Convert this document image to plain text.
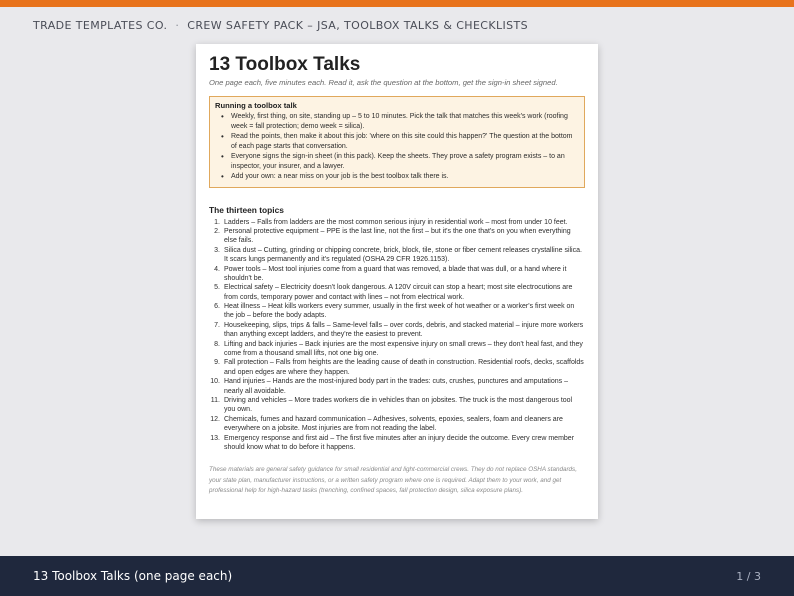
TRADE TEMPLATES CO. · CREW SAFETY PACK – JSA, TOOLBOX TALKS & CHECKLISTS
13 Toolbox Talks
One page each, five minutes each. Read it, ask the question at the bottom, get the sign-in sheet signed.
Running a toolbox talk
• Weekly, first thing, on site, standing up – 5 to 10 minutes. Pick the talk that matches this week's work (roofing week = fall protection; demo week = silica).
• Read the points, then make it about this job: 'where on this site could this happen?' The question at the bottom of each page starts that conversation.
• Everyone signs the sign-in sheet (in this pack). Keep the sheets. They prove a safety program exists – to an inspector, your insurer, and a lawyer.
• Add your own: a near miss on your job is the best toolbox talk there is.
The thirteen topics
1. Ladders – Falls from ladders are the most common serious injury in residential work – most from under 10 feet.
2. Personal protective equipment – PPE is the last line, not the first – but it's the one that's on you when everything else fails.
3. Silica dust – Cutting, grinding or chipping concrete, brick, block, tile, stone or fiber cement releases crystalline silica. It scars lungs permanently and it's regulated (OSHA 29 CFR 1926.1153).
4. Power tools – Most tool injuries come from a guard that was removed, a blade that was dull, or a hand where it shouldn't be.
5. Electrical safety – Electricity doesn't look dangerous. A 120V circuit can stop a heart; most site electrocutions are from cords, temporary power and contact with lines – not from electrical work.
6. Heat illness – Heat kills workers every summer, usually in the first week of hot weather or a worker's first week on the job – before the body adapts.
7. Housekeeping, slips, trips & falls – Same-level falls – over cords, debris, and stacked material – injure more workers than anything except ladders, and they're the easiest to prevent.
8. Lifting and back injuries – Back injuries are the most expensive injury on small crews – they don't heal fast, and they come from a thousand small lifts, not one big one.
9. Fall protection – Falls from heights are the leading cause of death in construction. Residential roofs, decks, scaffolds and open edges are where they happen.
10. Hand injuries – Hands are the most-injured body part in the trades: cuts, crushes, punctures and amputations – nearly all avoidable.
11. Driving and vehicles – More trades workers die in vehicles than on jobsites. The truck is the most dangerous tool you own.
12. Chemicals, fumes and hazard communication – Adhesives, solvents, epoxies, sealers, foam and cleaners are everywhere on a jobsite. Most injuries are from not reading the label.
13. Emergency response and first aid – The first five minutes after an injury decide the outcome. Every crew member should know what to do before it happens.
These materials are general safety guidance for small residential and light-commercial crews. They do not replace OSHA standards, your state plan, manufacturer instructions, or a written safety program where one is required. Adapt them to your work, and get professional help for high-hazard tasks (trenching, confined spaces, fall protection design, silica exposure plans).
13 Toolbox Talks (one page each)	1 / 3
